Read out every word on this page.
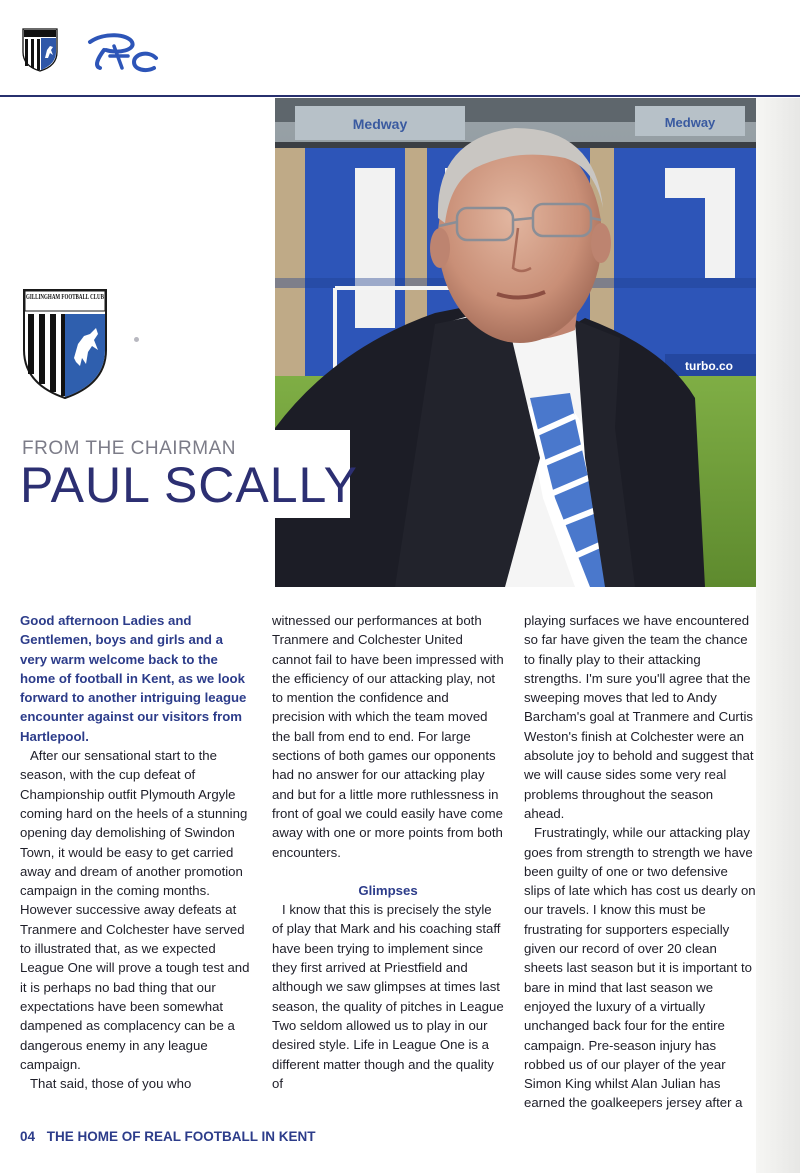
GILLINGHAM FOOTBALL CLUB
Medway	Medway
turbo.co
FROM THE CHAIRMAN
PAUL SCALLY

Good afternoon Ladies and Gentlemen, boys and girls and a very warm welcome back to the home of football in Kent, as we look forward to another intriguing league encounter against our visitors from Hartlepool.

After our sensational start to the season, with the cup defeat of Championship outfit Plymouth Argyle coming hard on the heels of a stunning opening day demolishing of Swindon Town, it would be easy to get carried away and dream of another promotion campaign in the coming months. However successive away defeats at Tranmere and Colchester have served to illustrated that, as we expected League One will prove a tough test and it is perhaps no bad thing that our expectations have been somewhat dampened as complacency can be a dangerous enemy in any league campaign.

That said, those of you who

witnessed our performances at both Tranmere and Colchester United cannot fail to have been impressed with the efficiency of our attacking play, not to mention the confidence and precision with which the team moved the ball from end to end. For large sections of both games our opponents had no answer for our attacking play and but for a little more ruthlessness in front of goal we could easily have come away with one or more points from both encounters.

Glimpses

I know that this is precisely the style of play that Mark and his coaching staff have been trying to implement since they first arrived at Priestfield and although we saw glimpses at times last season, the quality of pitches in League Two seldom allowed us to play in our desired style. Life in League One is a different matter though and the quality of

playing surfaces we have encountered so far have given the team the chance to finally play to their attacking strengths. I'm sure you'll agree that the sweeping moves that led to Andy Barcham's goal at Tranmere and Curtis Weston's finish at Colchester were an absolute joy to behold and suggest that we will cause sides some very real problems throughout the season ahead.

Frustratingly, while our attacking play goes from strength to strength we have been guilty of one or two defensive slips of late which has cost us dearly on our travels. I know this must be frustrating for supporters especially given our record of over 20 clean sheets last season but it is important to bare in mind that last season we enjoyed the luxury of a virtually unchanged back four for the entire campaign. Pre-season injury has robbed us of our player of the year Simon King whilst Alan Julian has earned the goalkeepers jersey after a

04 THE HOME OF REAL FOOTBALL IN KENT
